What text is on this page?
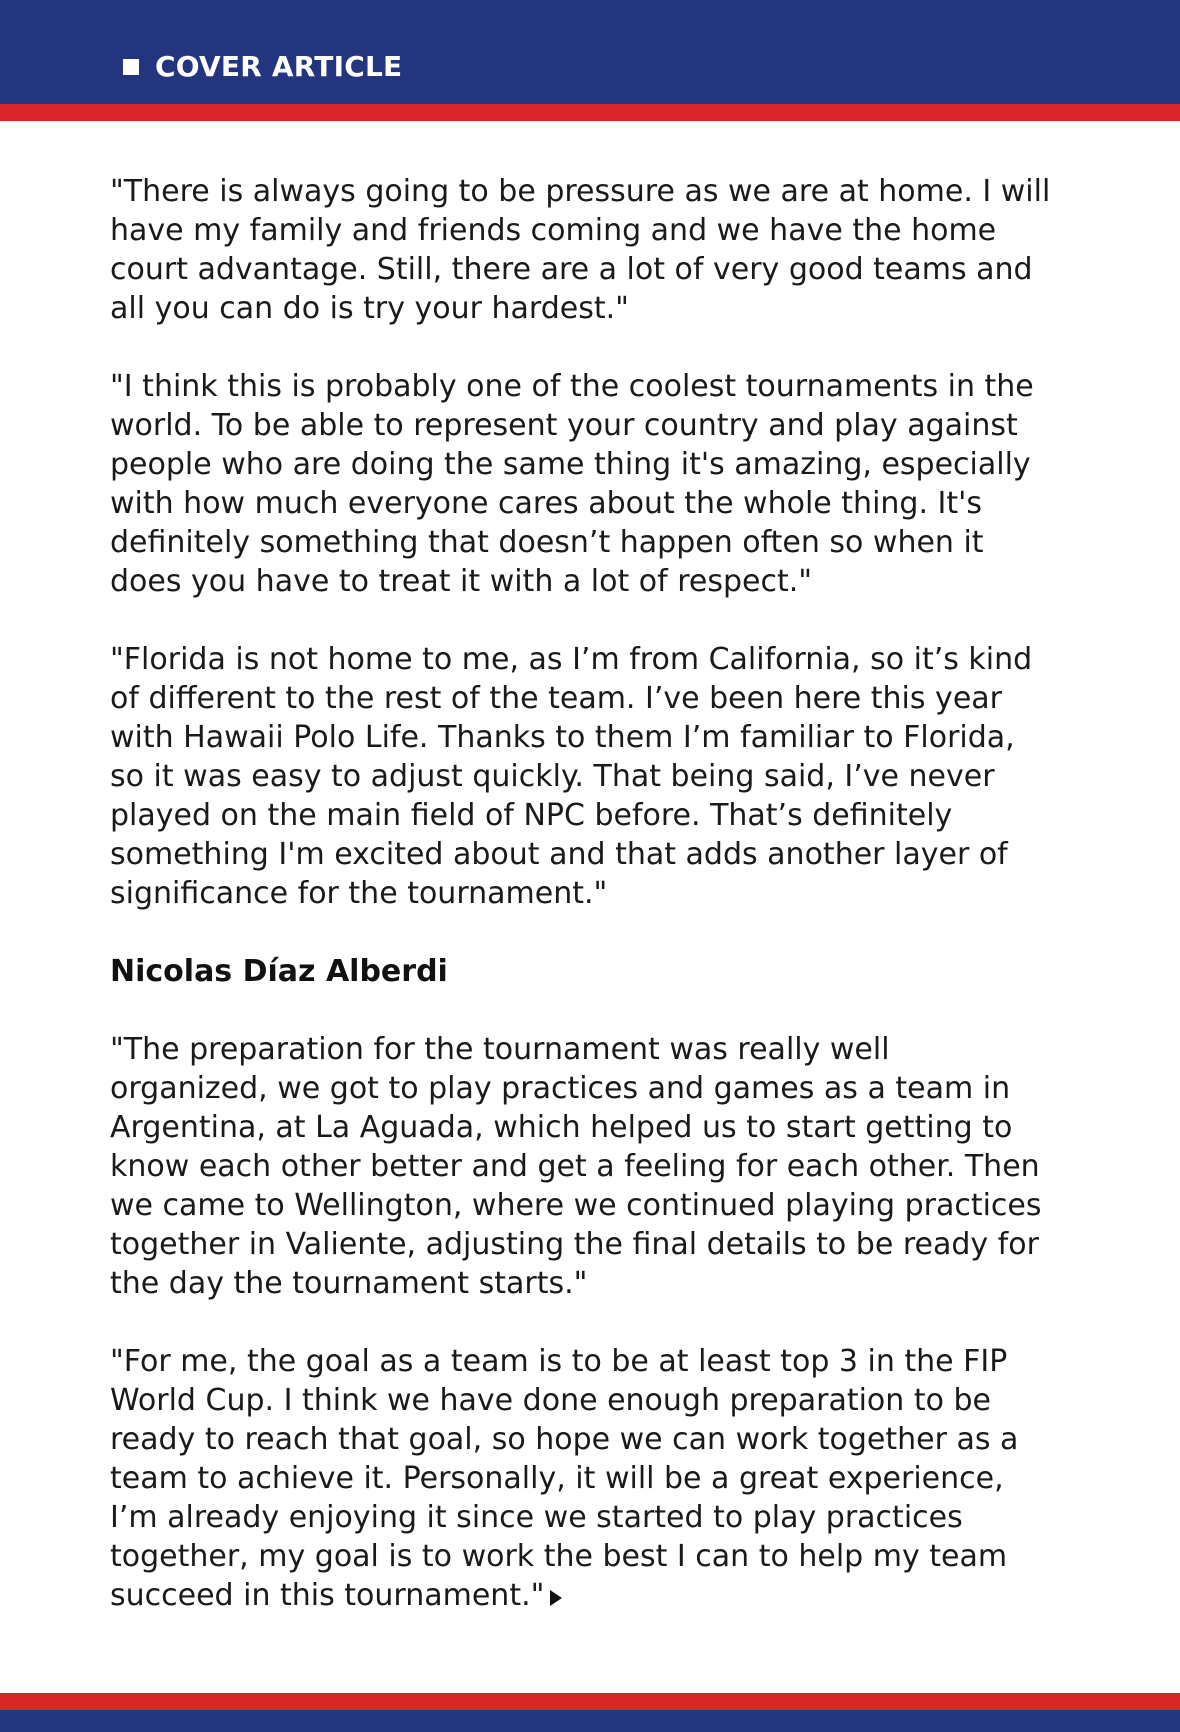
COVER ARTICLE

"There is always going to be pressure as we are at home. I will
have my family and friends coming and we have the home
court advantage. Still, there are a lot of very good teams and
all you can do is try your hardest."

"I think this is probably one of the coolest tournaments in the
world. To be able to represent your country and play against
people who are doing the same thing it's amazing, especially
with how much everyone cares about the whole thing. It's
definitely something that doesn’t happen often so when it
does you have to treat it with a lot of respect."

"Florida is not home to me, as I’m from California, so it’s kind
of different to the rest of the team. I’ve been here this year
with Hawaii Polo Life. Thanks to them I’m familiar to Florida,
so it was easy to adjust quickly. That being said, I’ve never
played on the main field of NPC before. That’s definitely
something I'm excited about and that adds another layer of
significance for the tournament."

Nicolas Díaz Alberdi

"The preparation for the tournament was really well
organized, we got to play practices and games as a team in
Argentina, at La Aguada, which helped us to start getting to
know each other better and get a feeling for each other. Then
we came to Wellington, where we continued playing practices
together in Valiente, adjusting the final details to be ready for
the day the tournament starts."

"For me, the goal as a team is to be at least top 3 in the FIP
World Cup. I think we have done enough preparation to be
ready to reach that goal, so hope we can work together as a
team to achieve it. Personally, it will be a great experience,
I’m already enjoying it since we started to play practices
together, my goal is to work the best I can to help my team
succeed in this tournament."
